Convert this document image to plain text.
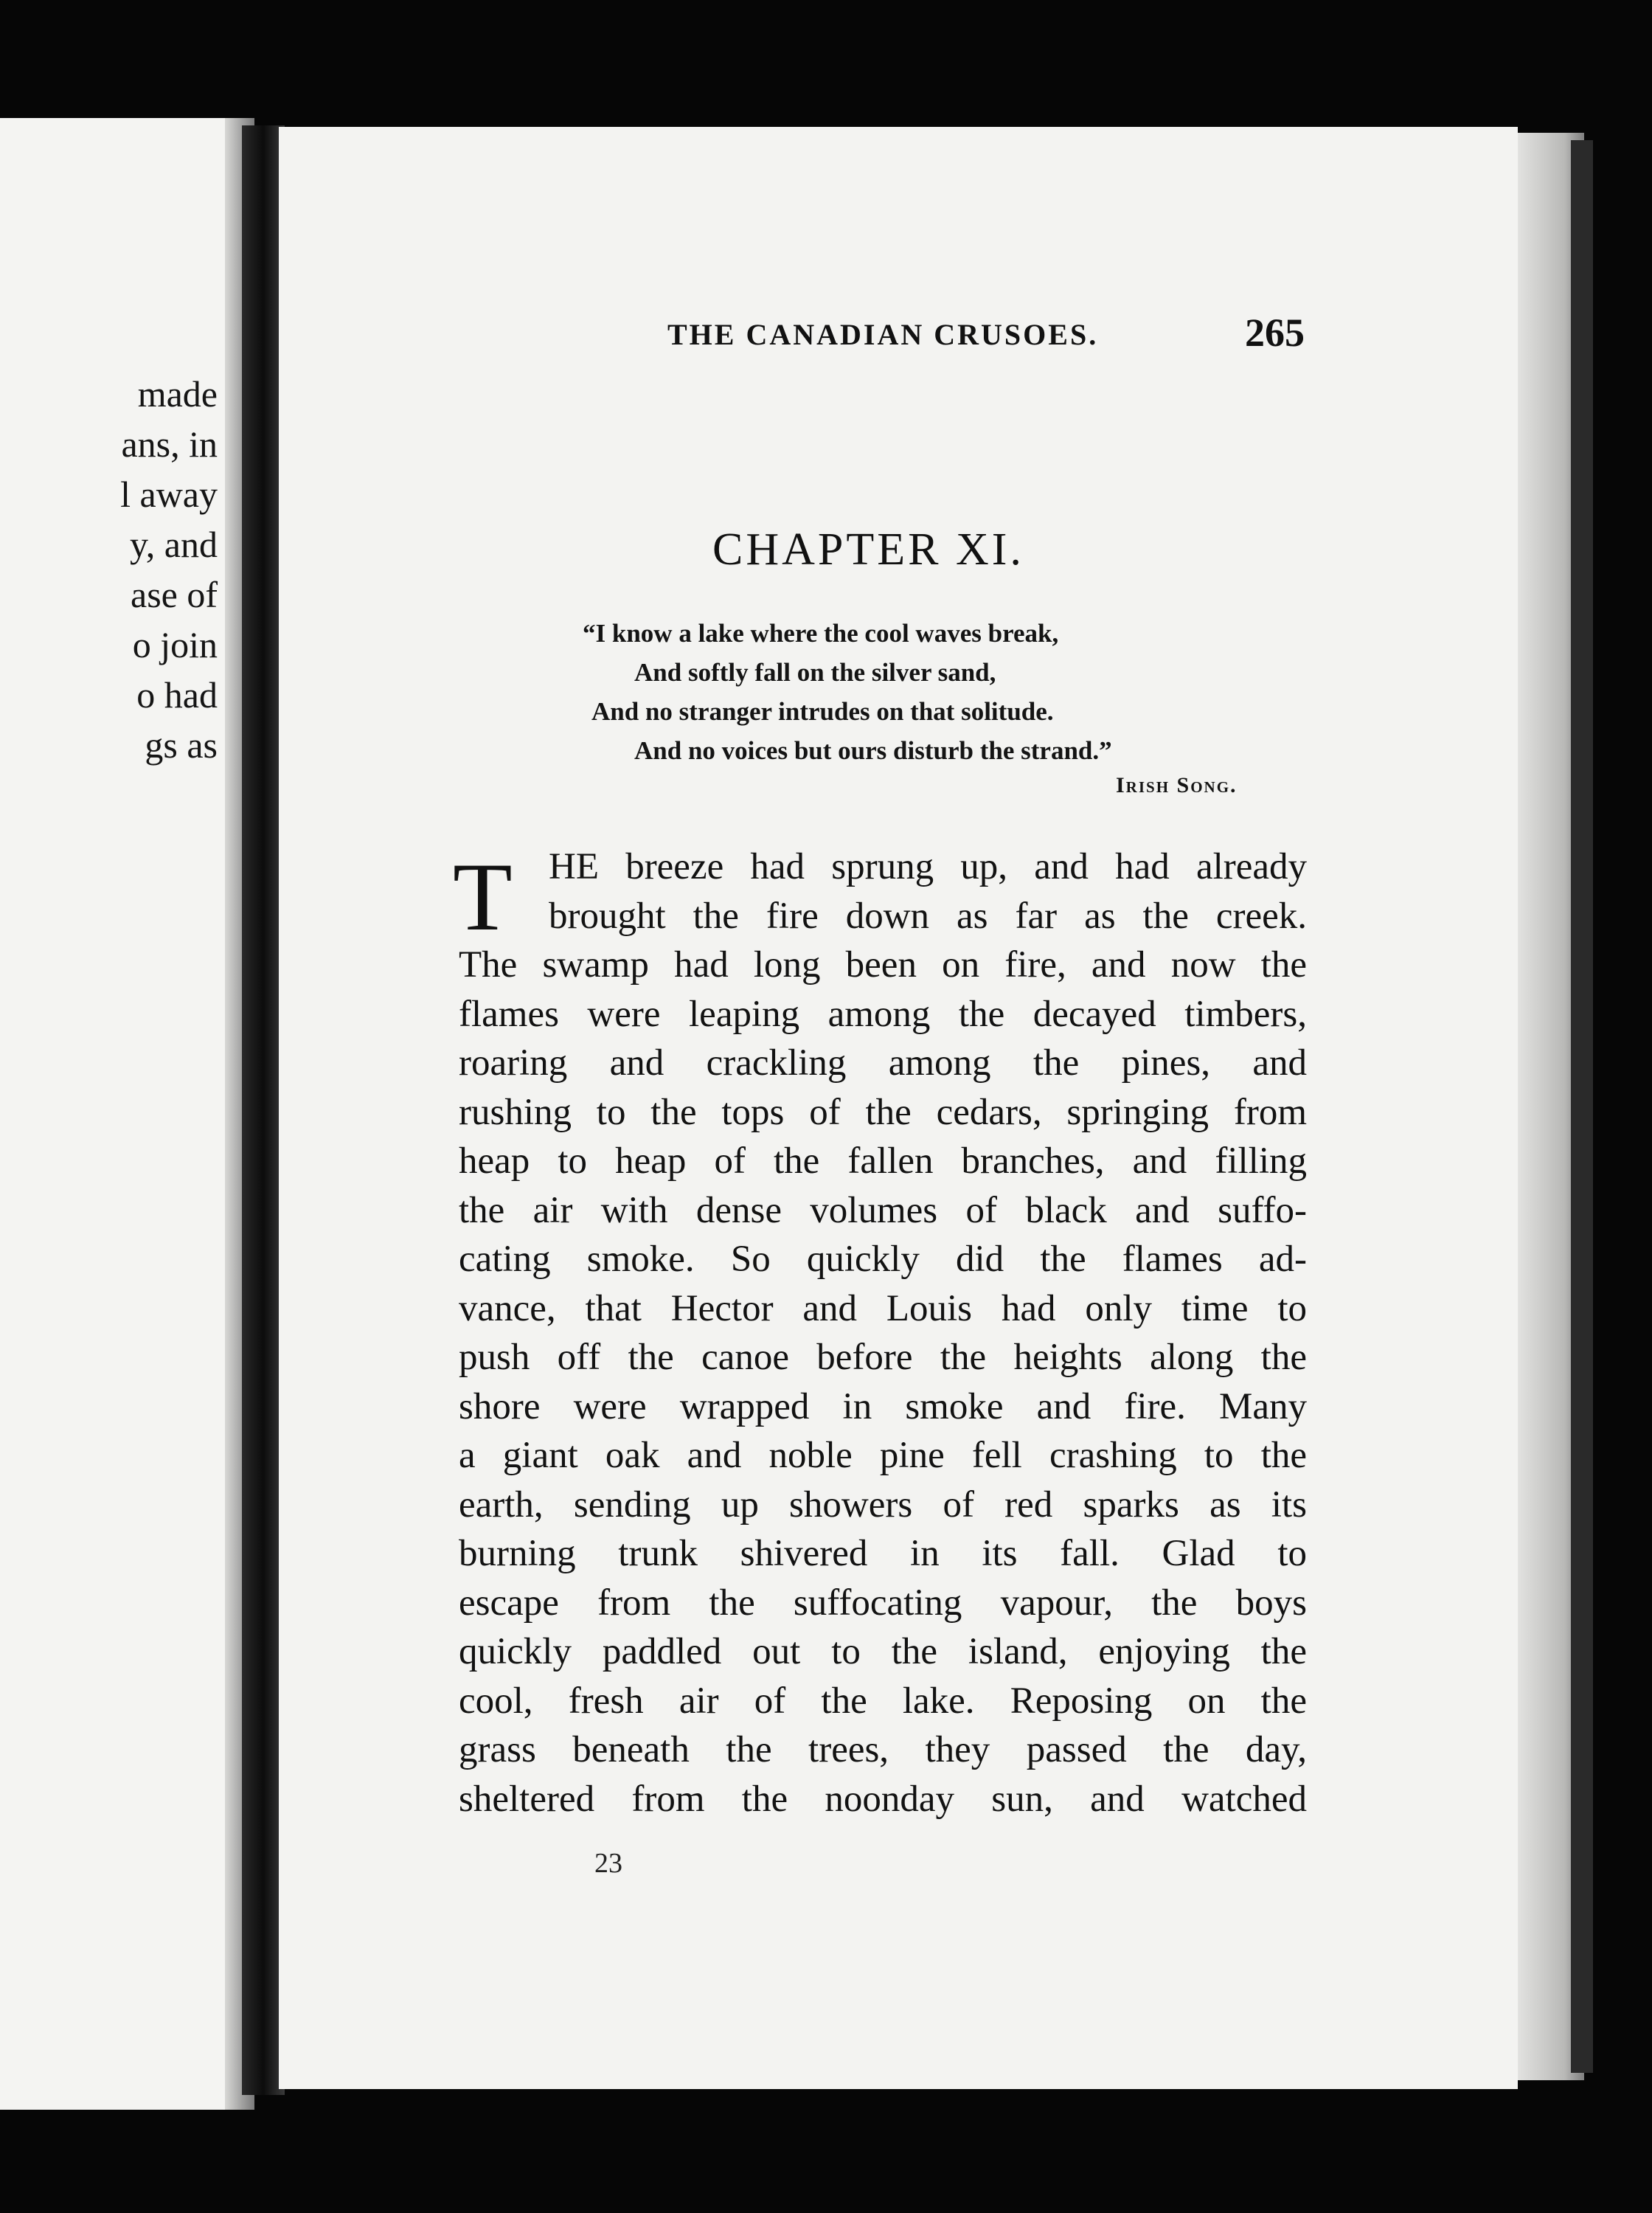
made
ans, in
l away
y, and
ase of
o join
o had
gs as
THE CANADIAN CRUSOES.	265
CHAPTER XI.
“I know a lake where the cool waves break,
And softly fall on the silver sand,
And no stranger intrudes on that solitude.
And no voices but ours disturb the strand.”
Irish Song.
T HE breeze had sprung up, and had already
brought the fire down as far as the creek.
The swamp had long been on fire, and now the
flames were leaping among the decayed timbers,
roaring and crackling among the pines, and
rushing to the tops of the cedars, springing from
heap to heap of the fallen branches, and filling
the air with dense volumes of black and suffo-
cating smoke. So quickly did the flames ad-
vance, that Hector and Louis had only time to
push off the canoe before the heights along the
shore were wrapped in smoke and fire. Many
a giant oak and noble pine fell crashing to the
earth, sending up showers of red sparks as its
burning trunk shivered in its fall. Glad to
escape from the suffocating vapour, the boys
quickly paddled out to the island, enjoying the
cool, fresh air of the lake. Reposing on the
grass beneath the trees, they passed the day,
sheltered from the noonday sun, and watched
23
